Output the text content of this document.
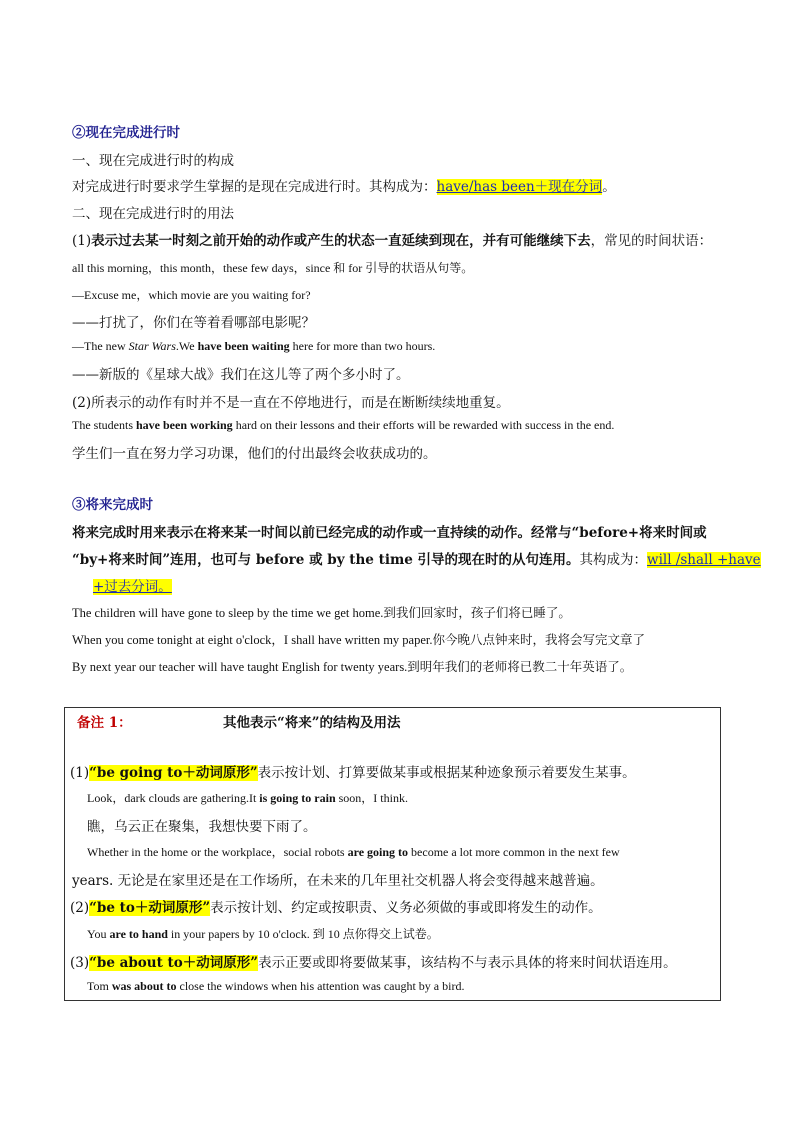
②现在完成进行时
一、现在完成进行时的构成
对完成进行时要求学生掌握的是现在完成进行时。其构成为：have/has been＋现在分词。
二、现在完成进行时的用法
(1)表示过去某一时刻之前开始的动作或产生的状态一直延续到现在，并有可能继续下去，常见的时间状语：
all this morning，this month，these few days，since 和 for 引导的状语从句等。
—Excuse me，which movie are you waiting for?
——打扰了，你们在等着看哪部电影呢？
—The new Star Wars.We have been waiting here for more than two hours.
——新版的《星球大战》我们在这儿等了两个多小时了。
(2)所表示的动作有时并不是一直在不停地进行，而是在断断续续地重复。
The students have been working hard on their lessons and their efforts will be rewarded with success in the end.
学生们一直在努力学习功课，他们的付出最终会收获成功的。
③将来完成时
将来完成时用来表示在将来某一时间以前已经完成的动作或一直持续的动作。经常与“before+将来时间或
“by+将来时间”连用，也可与 before 或 by the time 引导的现在时的从句连用。其构成为：will /shall +have
+过去分词。
The children will have gone to sleep by the time we get home.到我们回家时，孩子们将已睡了。
When you come tonight at eight o'clock，I shall have written my paper.你今晚八点钟来时，我将会写完文章了
By next year our teacher will have taught English for twenty years.到明年我们的老师将已教二十年英语了。
备注 1：	其他表示“将来”的结构及用法
(1)“be going to＋动词原形”表示按计划、打算要做某事或根据某种迹象预示着要发生某事。
Look，dark clouds are gathering.It is going to rain soon，I think.
瞧，乌云正在聚集，我想快要下雨了。
Whether in the home or the workplace，social robots are going to become a lot more common in the next few
years. 无论是在家里还是在工作场所，在未来的几年里社交机器人将会变得越来越普遍。
(2)“be to＋动词原形”表示按计划、约定或按职责、义务必须做的事或即将发生的动作。
You are to hand in your papers by 10 o'clock. 到 10 点你得交上试卷。
(3)“be about to＋动词原形”表示正要或即将要做某事，该结构不与表示具体的将来时间状语连用。
Tom was about to close the windows when his attention was caught by a bird.
